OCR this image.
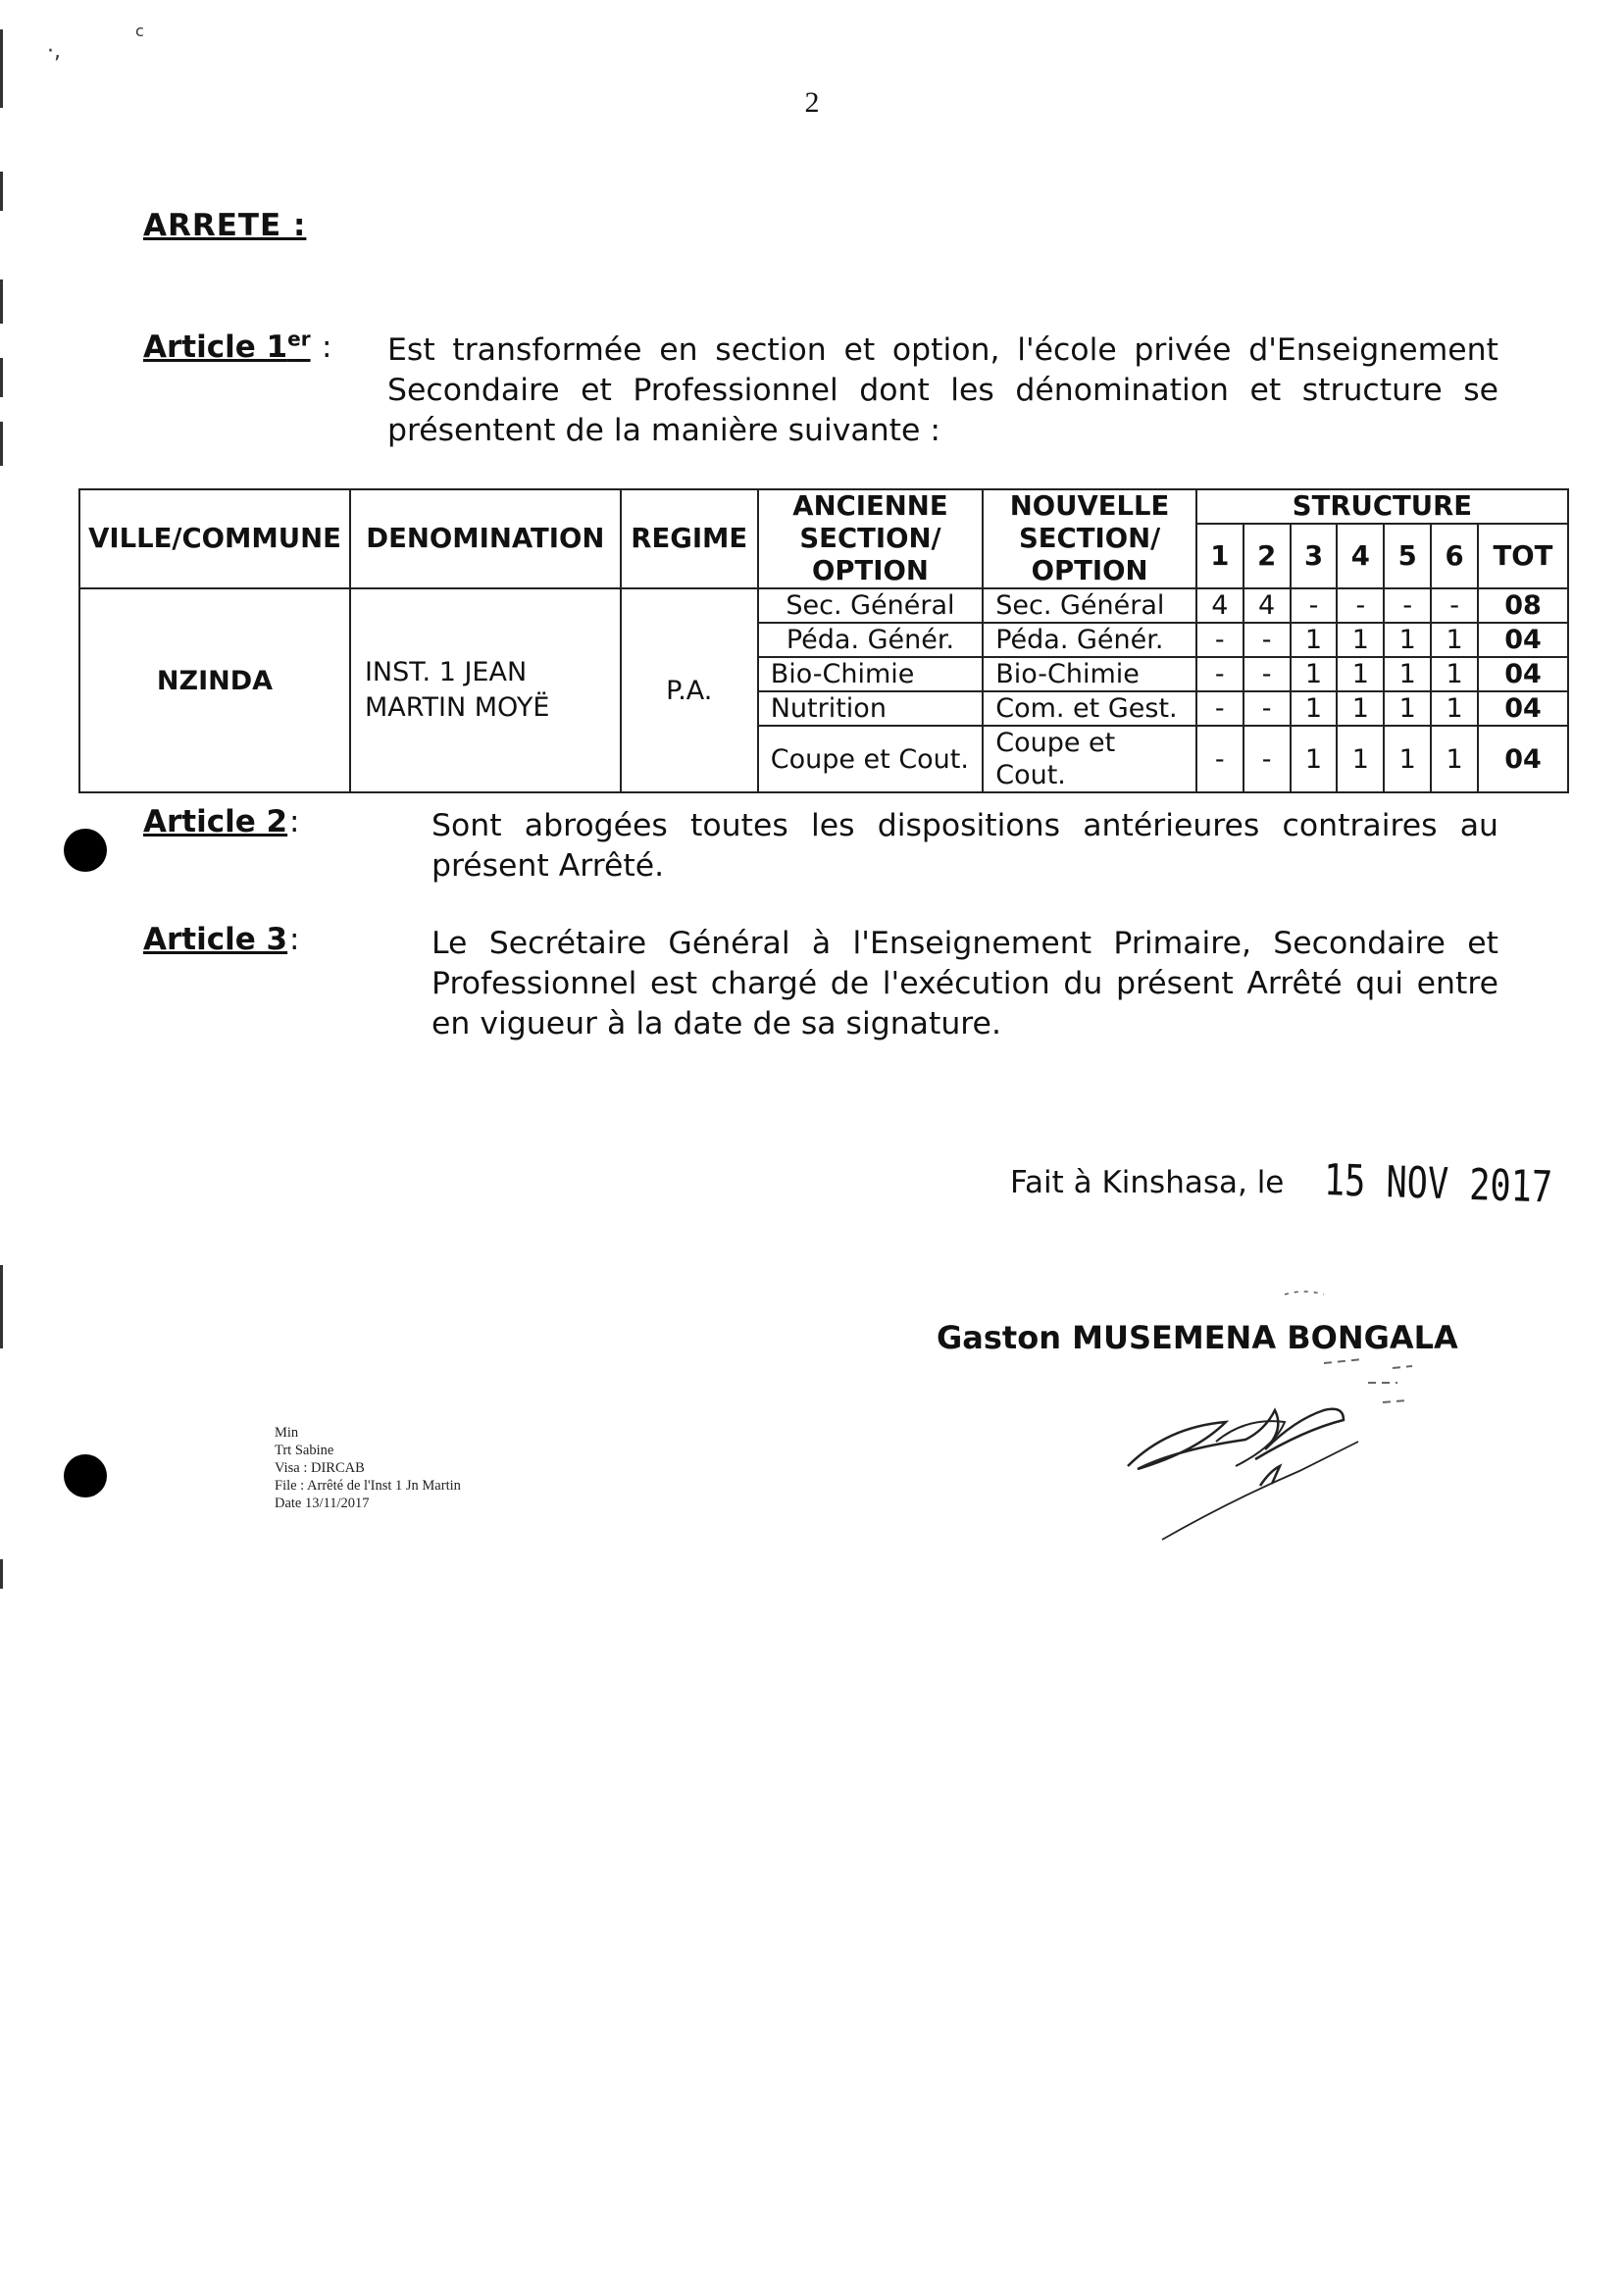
·,
c
2
ARRETE :
Article 1er : Est transformée en section et option, l'école privée d'Enseignement Secondaire et Professionnel dont les dénomination et structure se présentent de la manière suivante :
VILLE/COMMUNE	DENOMINATION	REGIME	ANCIENNE SECTION/ OPTION	NOUVELLE SECTION/ OPTION	STRUCTURE						
					1	2	3	4	5	6	TOT
NZINDA	INST. 1 JEAN MARTIN MOYË	P.A.	Sec. Général	Sec. Général	4	4	-	-	-	-	08
			Péda. Génér.	Péda. Génér.	-	-	1	1	1	1	04
			Bio-Chimie	Bio-Chimie	-	-	1	1	1	1	04
			Nutrition	Com. et Gest.	-	-	1	1	1	1	04
			Coupe et Cout.	Coupe et Cout.	-	-	1	1	1	1	04
Article 2 :	Sont abrogées toutes les dispositions antérieures contraires au présent Arrêté.
Article 3 :	Le Secrétaire Général à l'Enseignement Primaire, Secondaire et Professionnel est chargé de l'exécution du présent Arrêté qui entre en vigueur à la date de sa signature.
Fait à Kinshasa, le 15 NOV 2017
Gaston MUSEMENA BONGALA
Min
Trt Sabine
Visa : DIRCAB
File : Arrêté de l'Inst 1 Jn Martin
Date 13/11/2017
